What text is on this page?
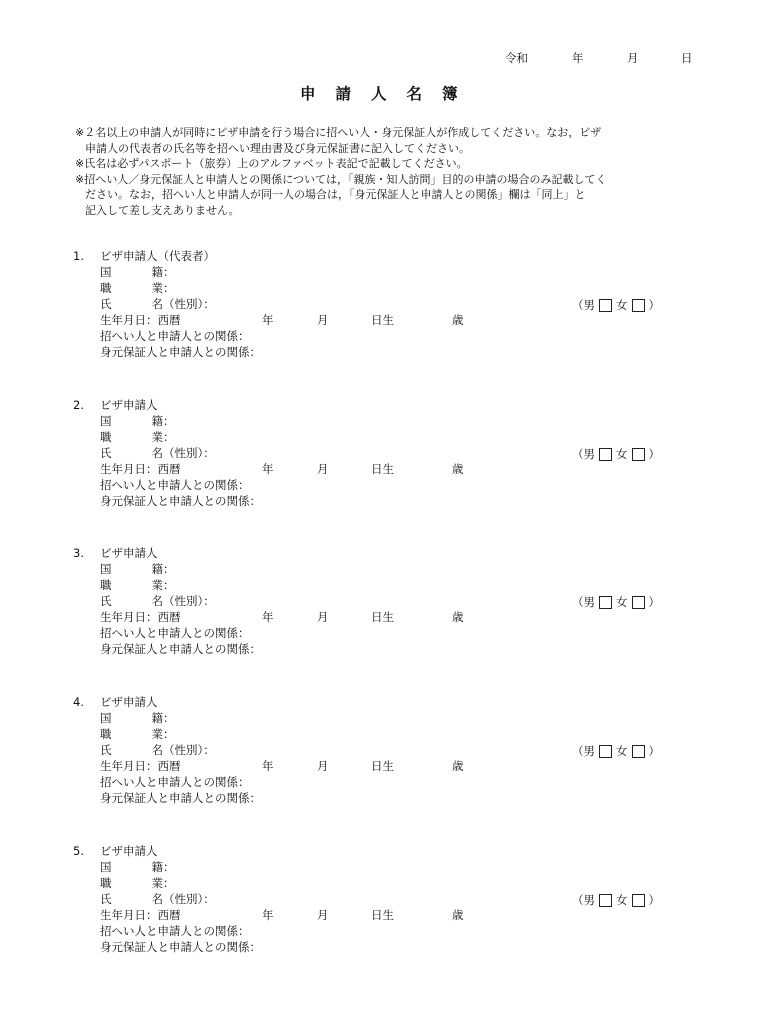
令和	年	月	日
申請人名簿
※２名以上の申請人が同時にビザ申請を行う場合に招へい人・身元保証人が作成してください。なお，ビザ
申請人の代表者の氏名等を招へい理由書及び身元保証書に記入してください。
※氏名は必ずパスポート（旅券）上のアルファベット表記で記載してください。
※招へい人／身元保証人と申請人との関係については，「親族・知人訪問」目的の申請の場合のみ記載してく
ださい。なお，招へい人と申請人が同一人の場合は，「身元保証人と申請人との関係」欄は「同上」と
記入して差し支えありません。
1. ビザ申請人（代表者）
国	籍：
職	業：
氏	名（性別）：	（男 女 ）
生年月日：西暦	年	月	日生	歳
招へい人と申請人との関係：
身元保証人と申請人との関係：
2. ビザ申請人
国	籍：
職	業：
氏	名（性別）：	（男 女 ）
生年月日：西暦	年	月	日生	歳
招へい人と申請人との関係：
身元保証人と申請人との関係：
3. ビザ申請人
国	籍：
職	業：
氏	名（性別）：	（男 女 ）
生年月日：西暦	年	月	日生	歳
招へい人と申請人との関係：
身元保証人と申請人との関係：
4. ビザ申請人
国	籍：
職	業：
氏	名（性別）：	（男 女 ）
生年月日：西暦	年	月	日生	歳
招へい人と申請人との関係：
身元保証人と申請人との関係：
5. ビザ申請人
国	籍：
職	業：
氏	名（性別）：	（男 女 ）
生年月日：西暦	年	月	日生	歳
招へい人と申請人との関係：
身元保証人と申請人との関係：
